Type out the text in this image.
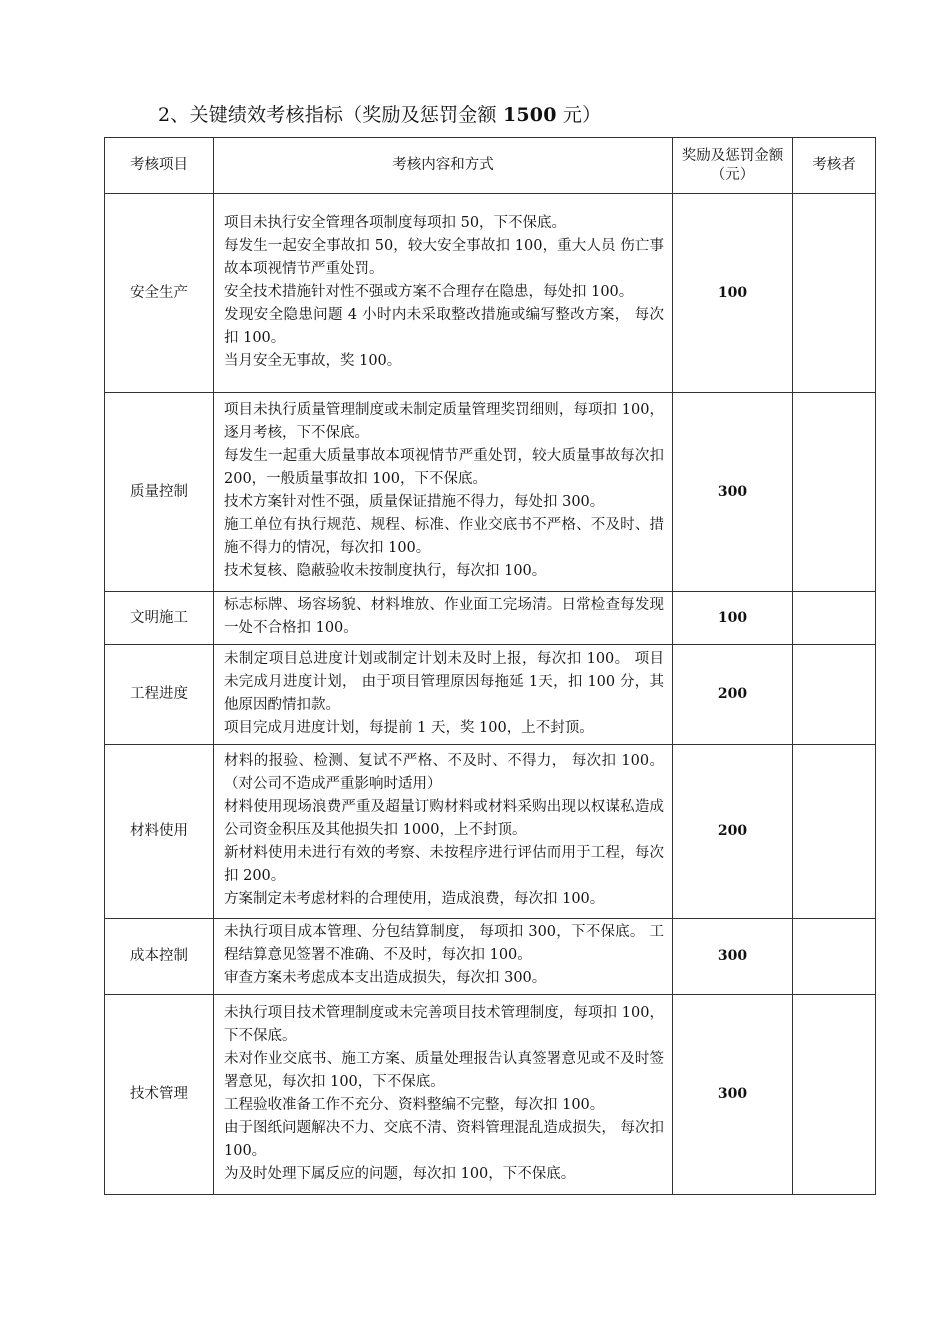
2、关键绩效考核指标（奖励及惩罚金额 1500 元）
考核项目	考核内容和方式	奖励及惩罚金额（元）	考核者
安全生产	项目未执行安全管理各项制度每项扣 50，下不保底。
每发生一起安全事故扣 50，较大安全事故扣 100，重大人员 伤亡事故本项视情节严重处罚。
安全技术措施针对性不强或方案不合理存在隐患，每处扣 100。
发现安全隐患问题 4 小时内未采取整改措施或编写整改方案， 每次扣 100。
当月安全无事故，奖 100。	100	
质量控制	项目未执行质量管理制度或未制定质量管理奖罚细则，每项扣 100，逐月考核，下不保底。
每发生一起重大质量事故本项视情节严重处罚，较大质量事故每次扣 200，一般质量事故扣 100，下不保底。
技术方案针对性不强，质量保证措施不得力，每处扣 300。
施工单位有执行规范、规程、标准、作业交底书不严格、不及时、措施不得力的情况，每次扣 100。
技术复核、隐蔽验收未按制度执行，每次扣 100。	300	
文明施工	标志标牌、场容场貌、材料堆放、作业面工完场清。日常检查每发现一处不合格扣 100。	100	
工程进度	未制定项目总进度计划或制定计划未及时上报，每次扣 100。 项目未完成月进度计划， 由于项目管理原因每拖延 1天，扣 100 分，其他原因酌情扣款。
项目完成月进度计划，每提前 1 天，奖 100，上不封顶。	200	
材料使用	材料的报验、检测、复试不严格、不及时、不得力， 每次扣 100。 （对公司不造成严重影响时适用）
材料使用现场浪费严重及超量订购材料或材料采购出现以权谋私造成公司资金积压及其他损失扣 1000，上不封顶。
新材料使用未进行有效的考察、未按程序进行评估而用于工程，每次扣 200。
方案制定未考虑材料的合理使用，造成浪费，每次扣 100。	200	
成本控制	未执行项目成本管理、分包结算制度， 每项扣 300，下不保底。 工程结算意见签署不准确、不及时，每次扣 100。
审查方案未考虑成本支出造成损失，每次扣 300。	300	
技术管理	未执行项目技术管理制度或未完善项目技术管理制度，每项扣 100，下不保底。
未对作业交底书、施工方案、质量处理报告认真签署意见或不及时签署意见，每次扣 100，下不保底。
工程验收准备工作不充分、资料整编不完整，每次扣 100。
由于图纸问题解决不力、交底不清、资料管理混乱造成损失， 每次扣 100。
为及时处理下属反应的问题，每次扣 100，下不保底。	300	
